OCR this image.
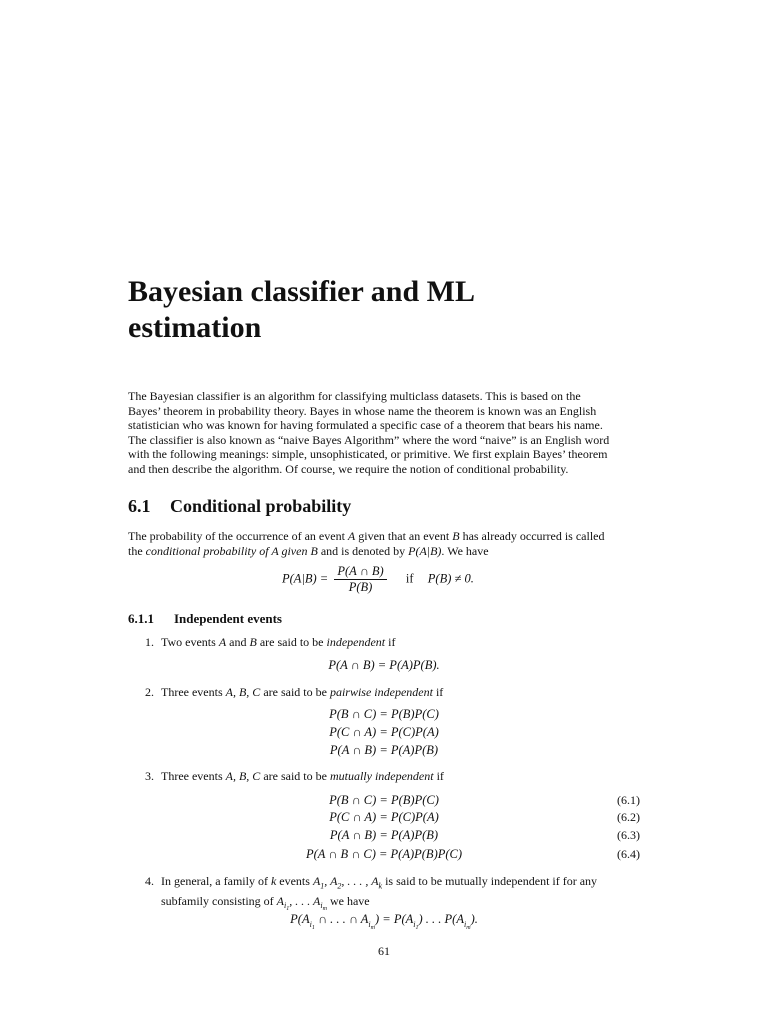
Bayesian classifier and ML
estimation

The Bayesian classifier is an algorithm for classifying multiclass datasets. This is based on the
Bayes’ theorem in probability theory. Bayes in whose name the theorem is known was an English
statistician who was known for having formulated a specific case of a theorem that bears his name.
The classifier is also known as “naive Bayes Algorithm” where the word “naive” is an English word
with the following meanings: simple, unsophisticated, or primitive. We first explain Bayes’ theorem
and then describe the algorithm. Of course, we require the notion of conditional probability.

6.1 Conditional probability

The probability of the occurrence of an event A given that an event B has already occurred is called
the conditional probability of A given B and is denoted by P(A|B). We have

$P(A|B) = \frac{P(A \cap B)}{P(B)}$ if P(B) ≠ 0.
6.1.1 Independent events

1. Two events A and B are said to be independent if

P(A ∩ B) = P(A)P(B).

2. Three events A, B, C are said to be pairwise independent if

P(B ∩ C) = P(B)P(C)
P(C ∩ A) = P(C)P(A)
P(A ∩ B) = P(A)P(B)

3. Three events A, B, C are said to be mutually independent if

P(B ∩ C) = P(B)P(C)	(6.1)
P(C ∩ A) = P(C)P(A)	(6.2)
P(A ∩ B) = P(A)P(B)	(6.3)
P(A ∩ B ∩ C) = P(A)P(B)P(C)	(6.4)

4. In general, a family of k events $A_1$, $A_2$, . . . , $A_k$ is said to be mutually independent if for any
subfamily consisting of $A_{i_1}$, . . . $A_{i_m}$ we have

$P(A_{i_1}$ ∩ . . . ∩ $A_{i_m}) = P(A_{i_1})$ . . . $P(A_{i_m})$.
61
